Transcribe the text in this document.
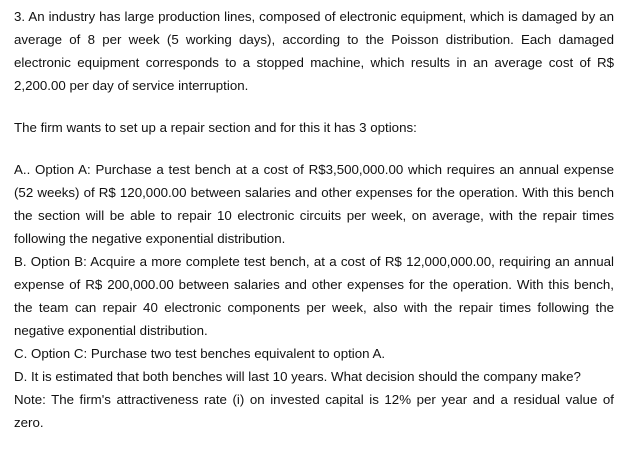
3. An industry has large production lines, composed of electronic equipment, which is damaged by an average of 8 per week (5 working days), according to the Poisson distribution. Each damaged electronic equipment corresponds to a stopped machine, which results in an average cost of R$ 2,200.00 per day of service interruption.

The firm wants to set up a repair section and for this it has 3 options:

A.. Option A: Purchase a test bench at a cost of R$3,500,000.00 which requires an annual expense (52 weeks) of R$ 120,000.00 between salaries and other expenses for the operation. With this bench the section will be able to repair 10 electronic circuits per week, on average, with the repair times following the negative exponential distribution.

B. Option B: Acquire a more complete test bench, at a cost of R$ 12,000,000.00, requiring an annual expense of R$ 200,000.00 between salaries and other expenses for the operation. With this bench, the team can repair 40 electronic components per week, also with the repair times following the negative exponential distribution.

C. Option C: Purchase two test benches equivalent to option A.

D. It is estimated that both benches will last 10 years. What decision should the company make?

Note: The firm's attractiveness rate (i) on invested capital is 12% per year and a residual value of zero.
